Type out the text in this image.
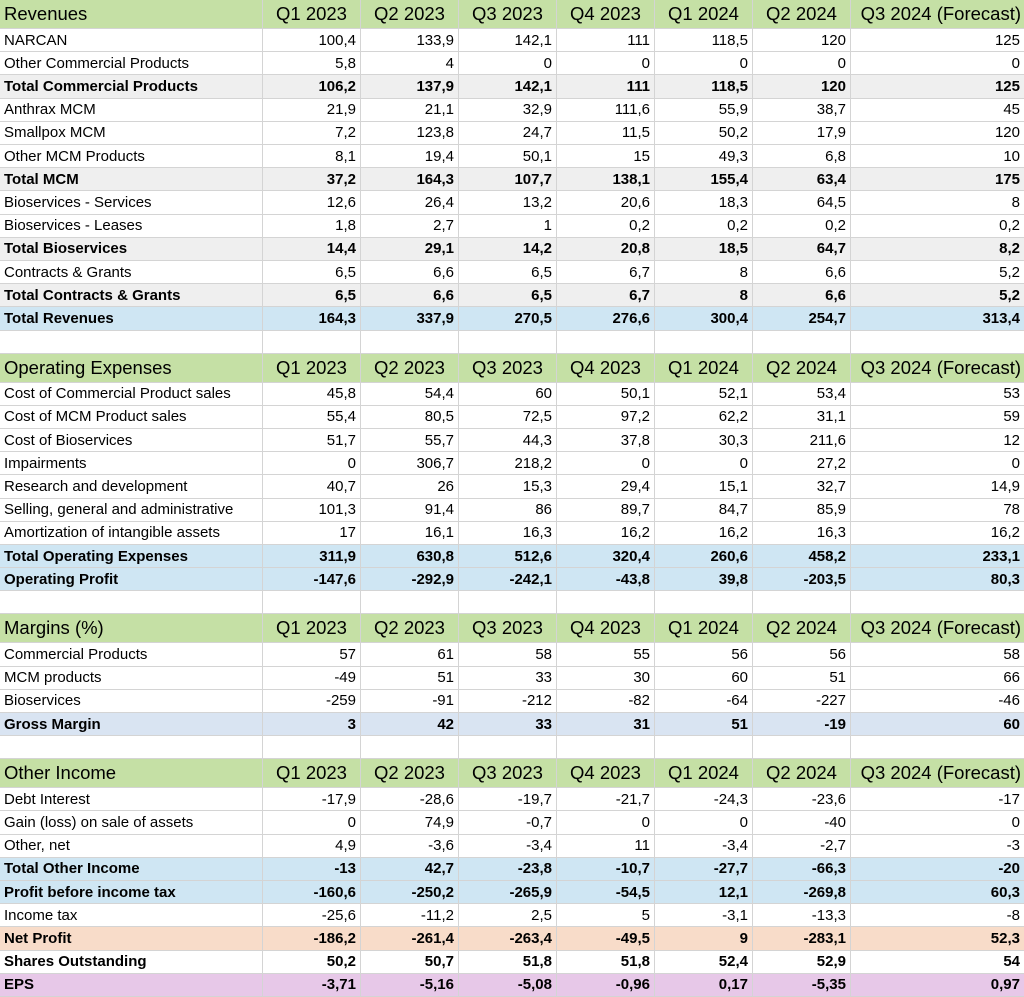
Revenues	Q1 2023	Q2 2023	Q3 2023	Q4 2023	Q1 2024	Q2 2024	Q3 2024 (Forecast)
NARCAN	100,4	133,9	142,1	111	118,5	120	125
Other Commercial Products	5,8	4	0	0	0	0	0
Total Commercial Products	106,2	137,9	142,1	111	118,5	120	125
Anthrax MCM	21,9	21,1	32,9	111,6	55,9	38,7	45
Smallpox MCM	7,2	123,8	24,7	11,5	50,2	17,9	120
Other MCM Products	8,1	19,4	50,1	15	49,3	6,8	10
Total MCM	37,2	164,3	107,7	138,1	155,4	63,4	175
Bioservices - Services	12,6	26,4	13,2	20,6	18,3	64,5	8
Bioservices - Leases	1,8	2,7	1	0,2	0,2	0,2	0,2
Total Bioservices	14,4	29,1	14,2	20,8	18,5	64,7	8,2
Contracts & Grants	6,5	6,6	6,5	6,7	8	6,6	5,2
Total Contracts & Grants	6,5	6,6	6,5	6,7	8	6,6	5,2
Total Revenues	164,3	337,9	270,5	276,6	300,4	254,7	313,4
Operating Expenses	Q1 2023	Q2 2023	Q3 2023	Q4 2023	Q1 2024	Q2 2024	Q3 2024 (Forecast)
Cost of Commercial Product sales	45,8	54,4	60	50,1	52,1	53,4	53
Cost of MCM Product sales	55,4	80,5	72,5	97,2	62,2	31,1	59
Cost of Bioservices	51,7	55,7	44,3	37,8	30,3	211,6	12
Impairments	0	306,7	218,2	0	0	27,2	0
Research and development	40,7	26	15,3	29,4	15,1	32,7	14,9
Selling, general and administrative	101,3	91,4	86	89,7	84,7	85,9	78
Amortization of intangible assets	17	16,1	16,3	16,2	16,2	16,3	16,2
Total Operating Expenses	311,9	630,8	512,6	320,4	260,6	458,2	233,1
Operating Profit	-147,6	-292,9	-242,1	-43,8	39,8	-203,5	80,3
Margins (%)	Q1 2023	Q2 2023	Q3 2023	Q4 2023	Q1 2024	Q2 2024	Q3 2024 (Forecast)
Commercial Products	57	61	58	55	56	56	58
MCM products	-49	51	33	30	60	51	66
Bioservices	-259	-91	-212	-82	-64	-227	-46
Gross Margin	3	42	33	31	51	-19	60
Other Income	Q1 2023	Q2 2023	Q3 2023	Q4 2023	Q1 2024	Q2 2024	Q3 2024 (Forecast)
Debt Interest	-17,9	-28,6	-19,7	-21,7	-24,3	-23,6	-17
Gain (loss) on sale of assets	0	74,9	-0,7	0	0	-40	0
Other, net	4,9	-3,6	-3,4	11	-3,4	-2,7	-3
Total Other Income	-13	42,7	-23,8	-10,7	-27,7	-66,3	-20
Profit before income tax	-160,6	-250,2	-265,9	-54,5	12,1	-269,8	60,3
Income tax	-25,6	-11,2	2,5	5	-3,1	-13,3	-8
Net Profit	-186,2	-261,4	-263,4	-49,5	9	-283,1	52,3
Shares Outstanding	50,2	50,7	51,8	51,8	52,4	52,9	54
EPS	-3,71	-5,16	-5,08	-0,96	0,17	-5,35	0,97
